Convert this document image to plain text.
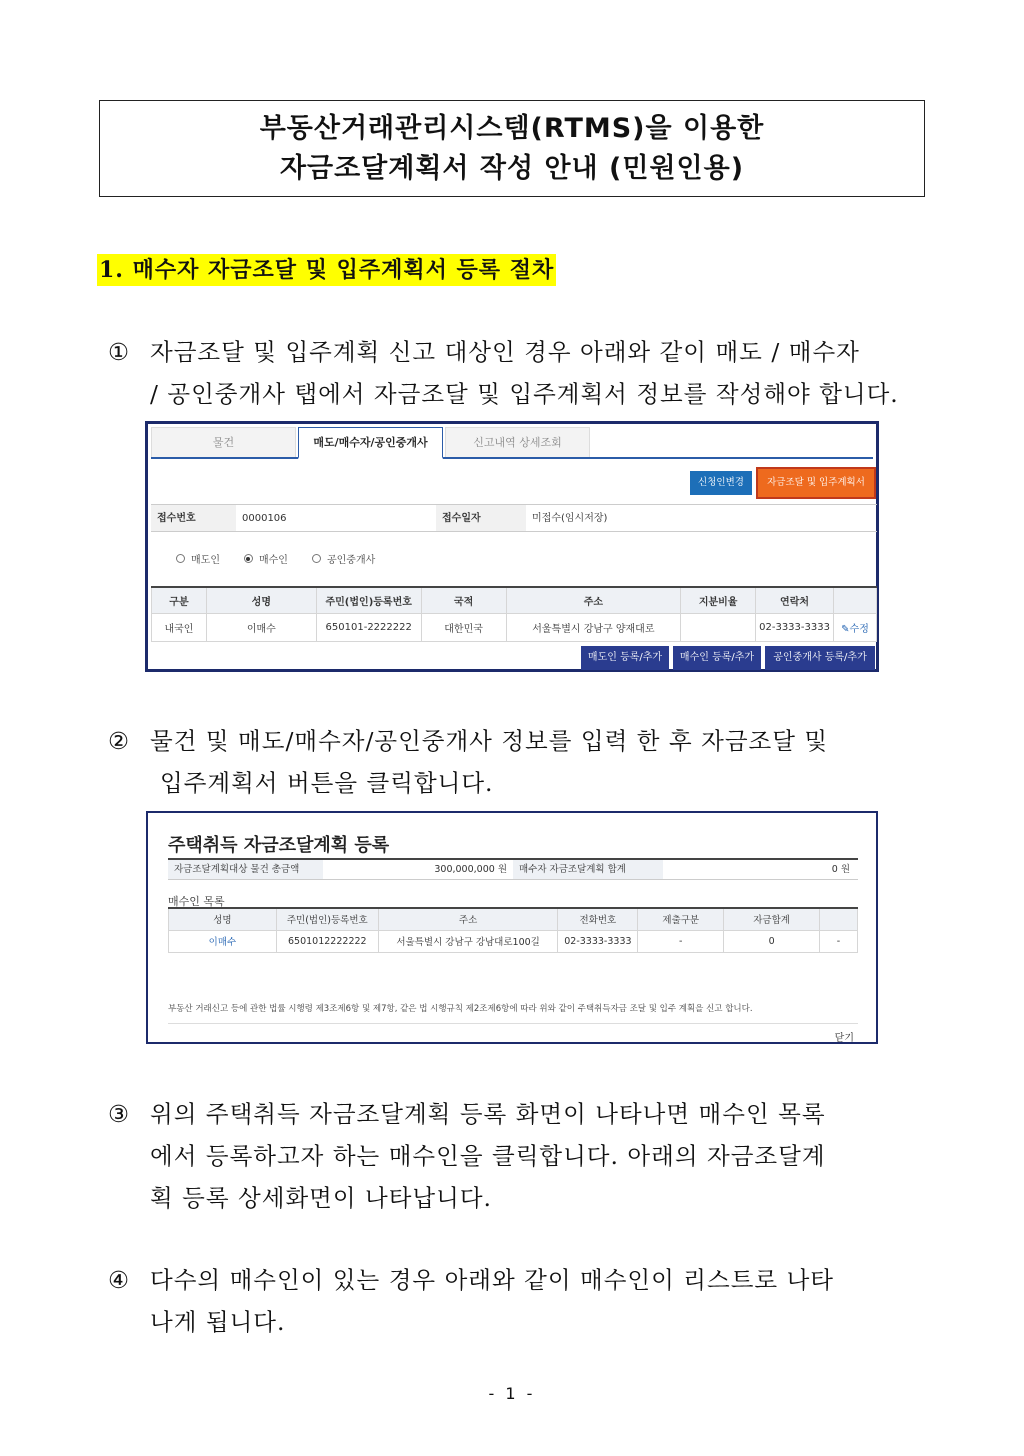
부동산거래관리시스템(RTMS)을 이용한
자금조달계획서 작성 안내 (민원인용)
1. 매수자 자금조달 및 입주계획서 등록 절차
① 자금조달 및 입주계획 신고 대상인 경우 아래와 같이 매도 / 매수자
/ 공인중개사 탭에서 자금조달 및 입주계획서 정보를 작성해야 합니다.
물건	매도/매수자/공인중개사	신고내역 상세조회
신청인변경	자금조달 및 입주계획서
접수번호	0000106	접수일자	미접수(임시저장)
매도인	매수인	공인중개사
구분	성명	주민(법인)등록번호	국적	주소	지분비율	연락처	
내국인	이매수	650101-2222222	대한민국	서울특별시 강남구 양재대로		02-3333-3333	✎수정
매도인 등록/추가	매수인 등록/추가	공인중개사 등록/추가
② 물건 및 매도/매수자/공인중개사 정보를 입력 한 후 자금조달 및
입주계획서 버튼을 클릭합니다.
주택취득 자금조달계획 등록
자금조달계획대상 물건 총금액	300,000,000 원	매수자 자금조달계획 합계	0 원
매수인 목록
성명	주민(법인)등록번호	주소	전화번호	제출구분	자금합계	
이매수	6501012222222	서울특별시 강남구 강남대로100길	02-3333-3333	-	0	-
부동산 거래신고 등에 관한 법률 시행령 제3조제6항 및 제7항, 같은 법 시행규칙 제2조제6항에 따라 위와 같이 주택취득자금 조달 및 입주 계획을 신고 합니다.
닫기
③ 위의 주택취득 자금조달계획 등록 화면이 나타나면 매수인 목록
에서 등록하고자 하는 매수인을 클릭합니다. 아래의 자금조달계
획 등록 상세화면이 나타납니다.
④ 다수의 매수인이 있는 경우 아래와 같이 매수인이 리스트로 나타
나게 됩니다.
- 1 -
